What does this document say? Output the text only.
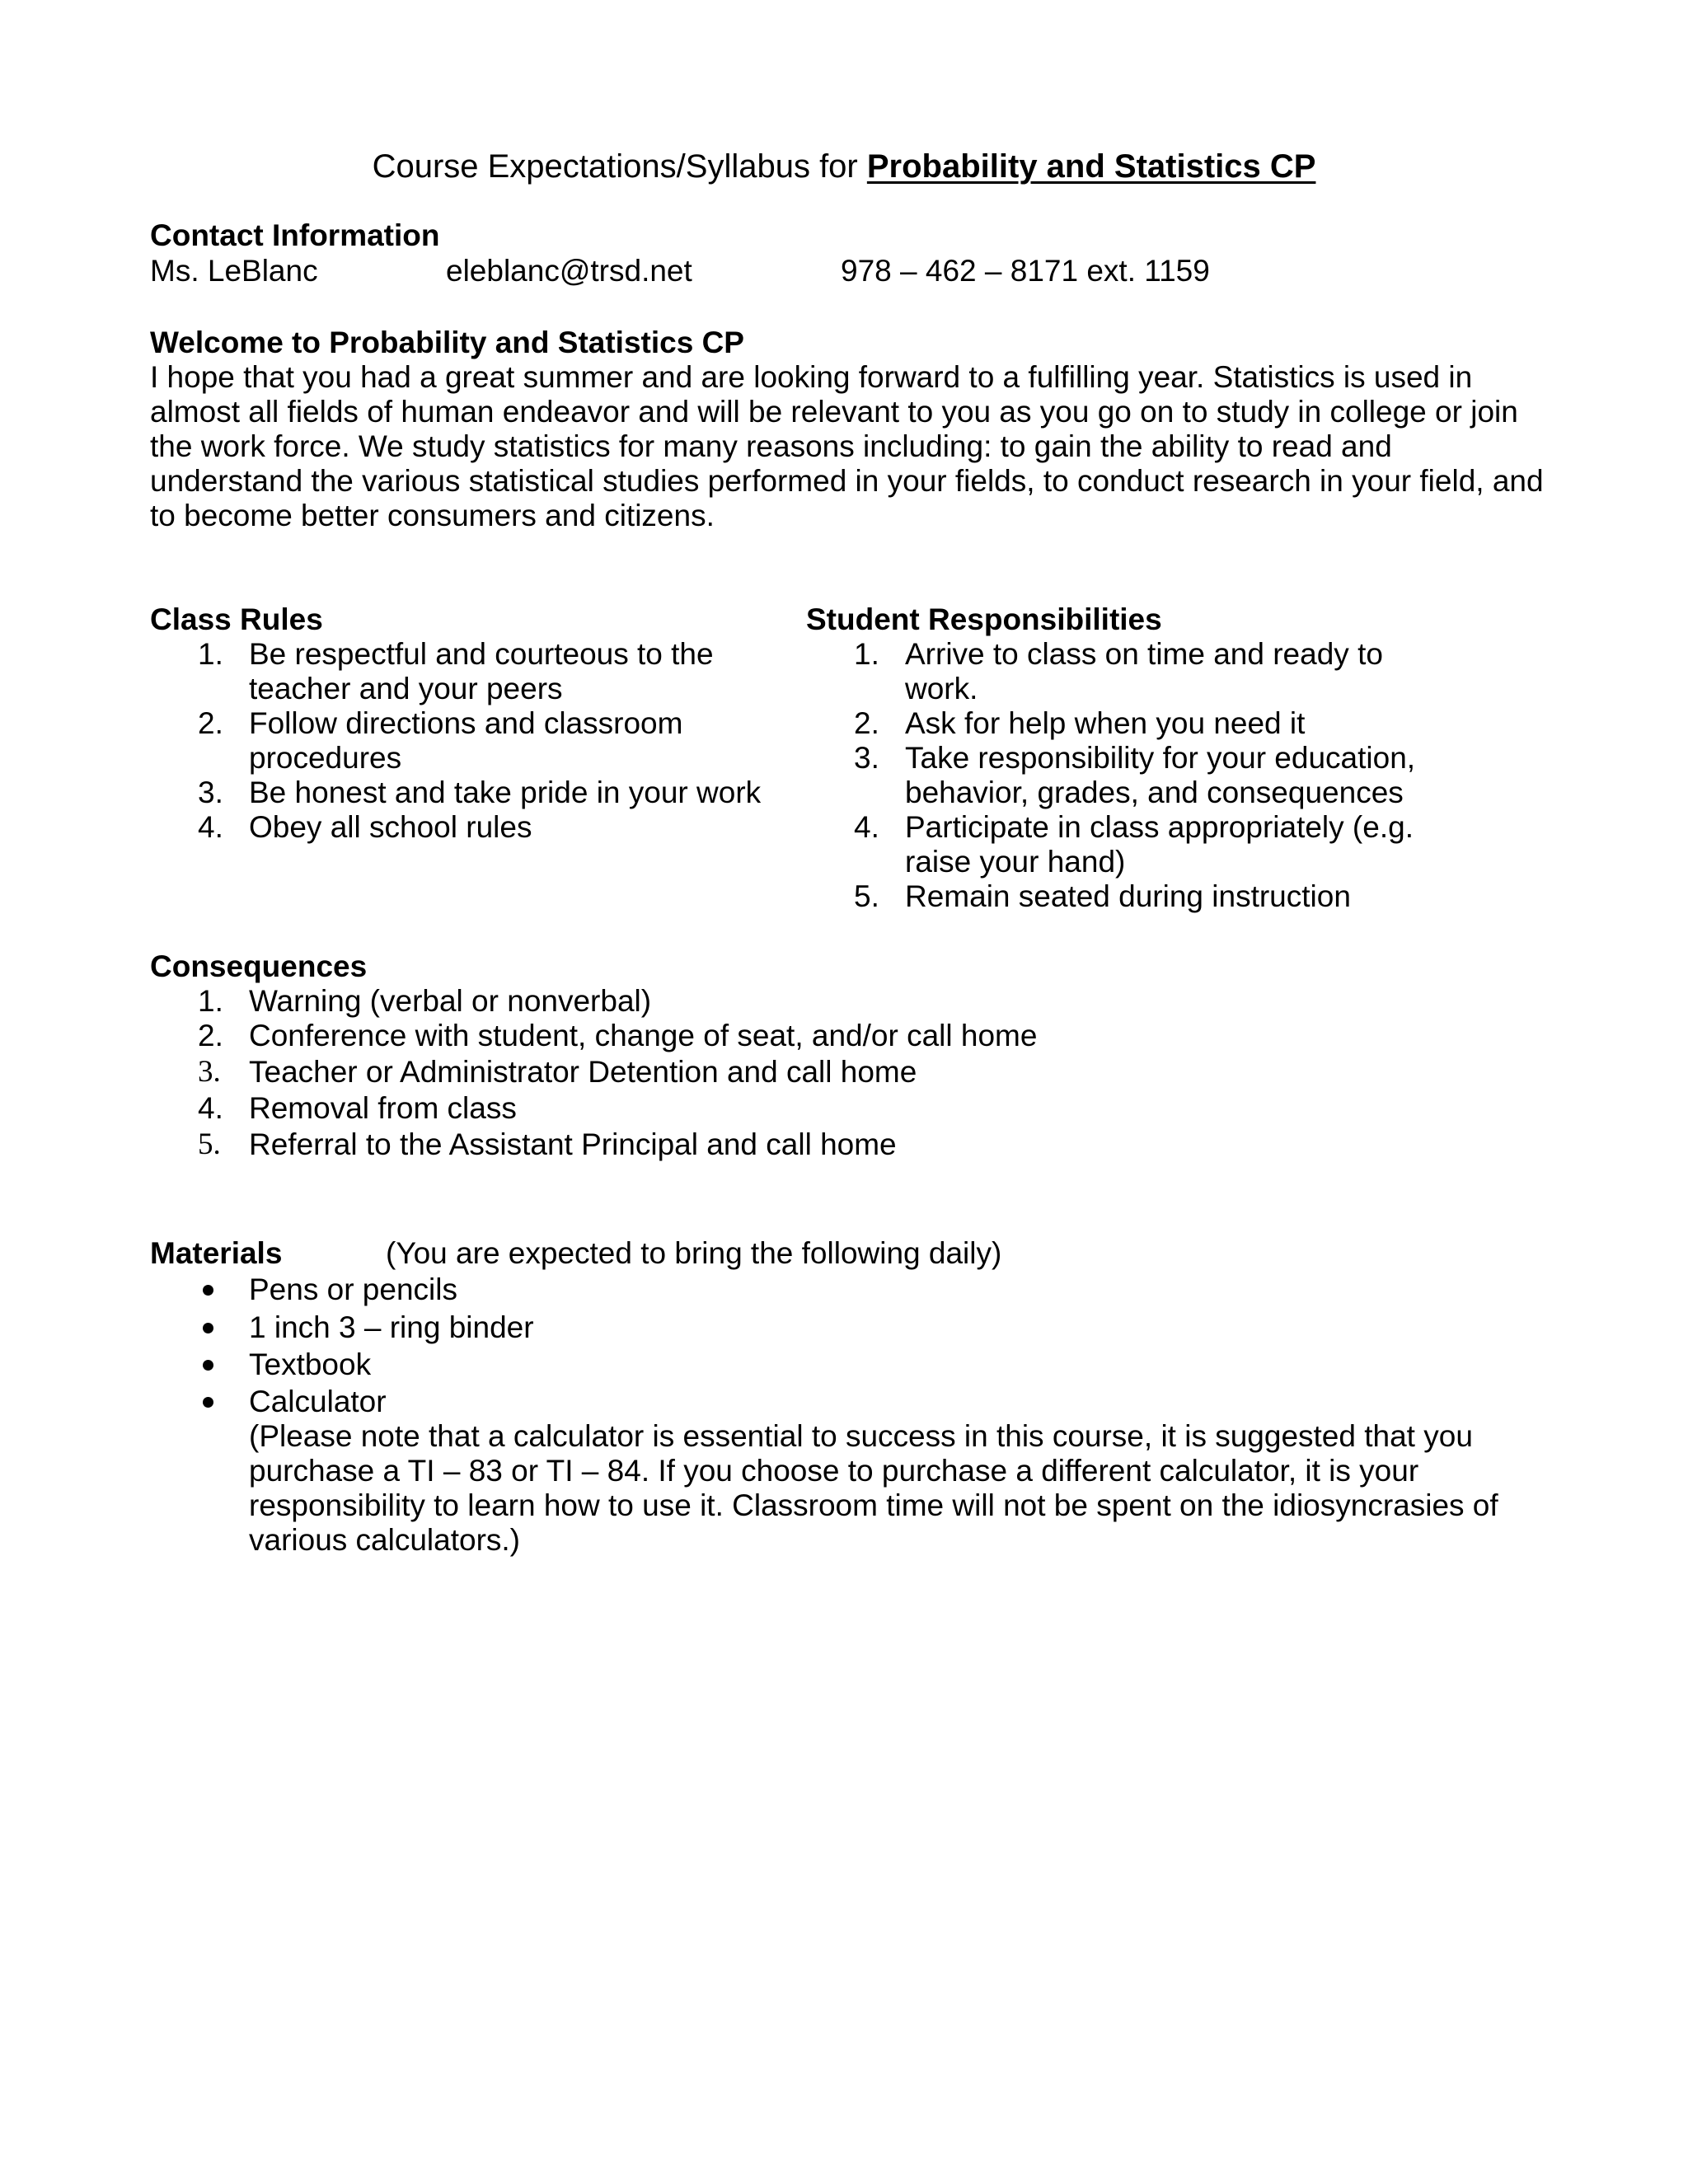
Course Expectations/Syllabus for Probability and Statistics CP
Contact Information
Ms. LeBlanc	eleblanc@trsd.net	978 – 462 – 8171 ext. 1159
Welcome to Probability and Statistics CP
I hope that you had a great summer and are looking forward to a fulfilling year. Statistics is used in
almost all fields of human endeavor and will be relevant to you as you go on to study in college or join
the work force. We study statistics for many reasons including: to gain the ability to read and
understand the various statistical studies performed in your fields, to conduct research in your field, and
to become better consumers and citizens.
Class Rules
1. Be respectful and courteous to the
teacher and your peers
2. Follow directions and classroom
procedures
3. Be honest and take pride in your work
4. Obey all school rules
Student Responsibilities
1. Arrive to class on time and ready to
work.
2. Ask for help when you need it
3. Take responsibility for your education,
behavior, grades, and consequences
4. Participate in class appropriately (e.g.
raise your hand)
5. Remain seated during instruction
Consequences
1. Warning (verbal or nonverbal)
2. Conference with student, change of seat, and/or call home
3. Teacher or Administrator Detention and call home
4. Removal from class
5. Referral to the Assistant Principal and call home
Materials	(You are expected to bring the following daily)
Pens or pencils
1 inch 3 – ring binder
Textbook
Calculator
(Please note that a calculator is essential to success in this course, it is suggested that you
purchase a TI – 83 or TI – 84. If you choose to purchase a different calculator, it is your
responsibility to learn how to use it. Classroom time will not be spent on the idiosyncrasies of
various calculators.)
